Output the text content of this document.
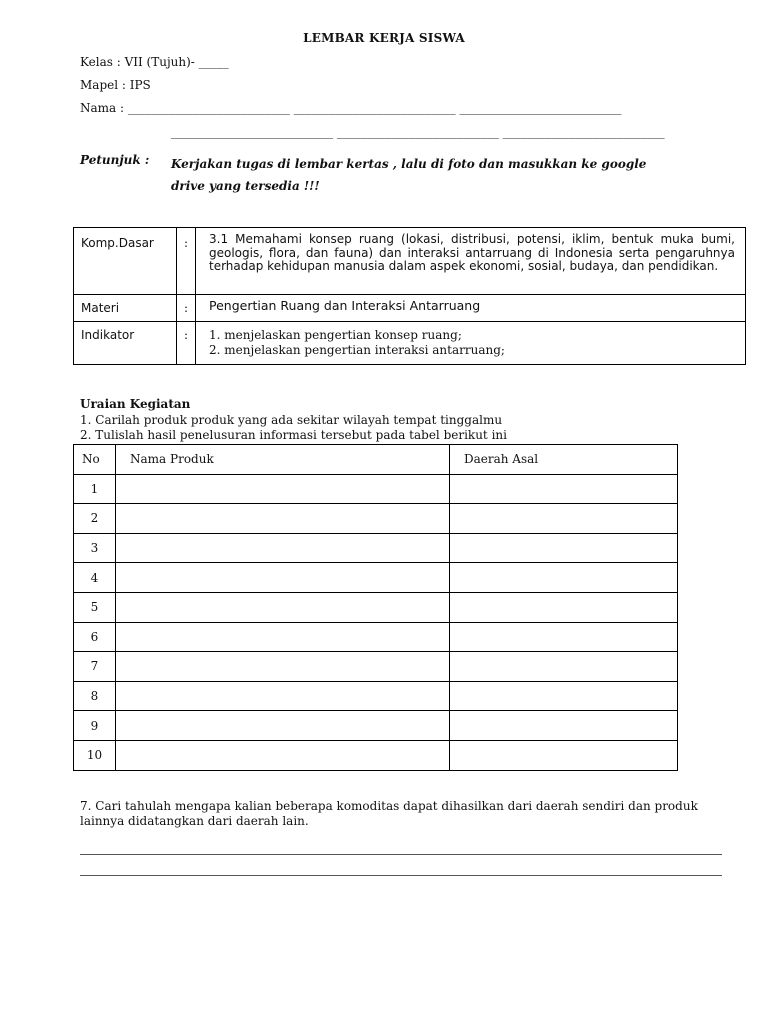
LEMBAR KERJA SISWA
Kelas : VII (Tujuh)- _____
Mapel : IPS
Nama : ___________________________ ___________________________ ___________________________
___________________________ ___________________________ ___________________________
Petunjuk : Kerjakan tugas di lembar kertas , lalu di foto dan masukkan ke google
drive yang tersedia !!!
Komp.Dasar	:	3.1 Memahami konsep ruang (lokasi, distribusi, potensi, iklim, bentuk muka bumi, geologis, flora, dan fauna) dan interaksi antarruang di Indonesia serta pengaruhnya terhadap kehidupan manusia dalam aspek ekonomi, sosial, budaya, dan pendidikan.
Materi	:	Pengertian Ruang dan Interaksi Antarruang
Indikator	:	1. menjelaskan pengertian konsep ruang;
2. menjelaskan pengertian interaksi antarruang;
Uraian Kegiatan
1. Carilah produk produk yang ada sekitar wilayah tempat tinggalmu
2. Tulislah hasil penelusuran informasi tersebut pada tabel berikut ini
No	Nama Produk	Daerah Asal
1		
2		
3		
4		
5		
6		
7		
8		
9		
10		
7. Cari tahulah mengapa kalian beberapa komoditas dapat dihasilkan dari daerah sendiri dan produk
lainnya didatangkan dari daerah lain.
